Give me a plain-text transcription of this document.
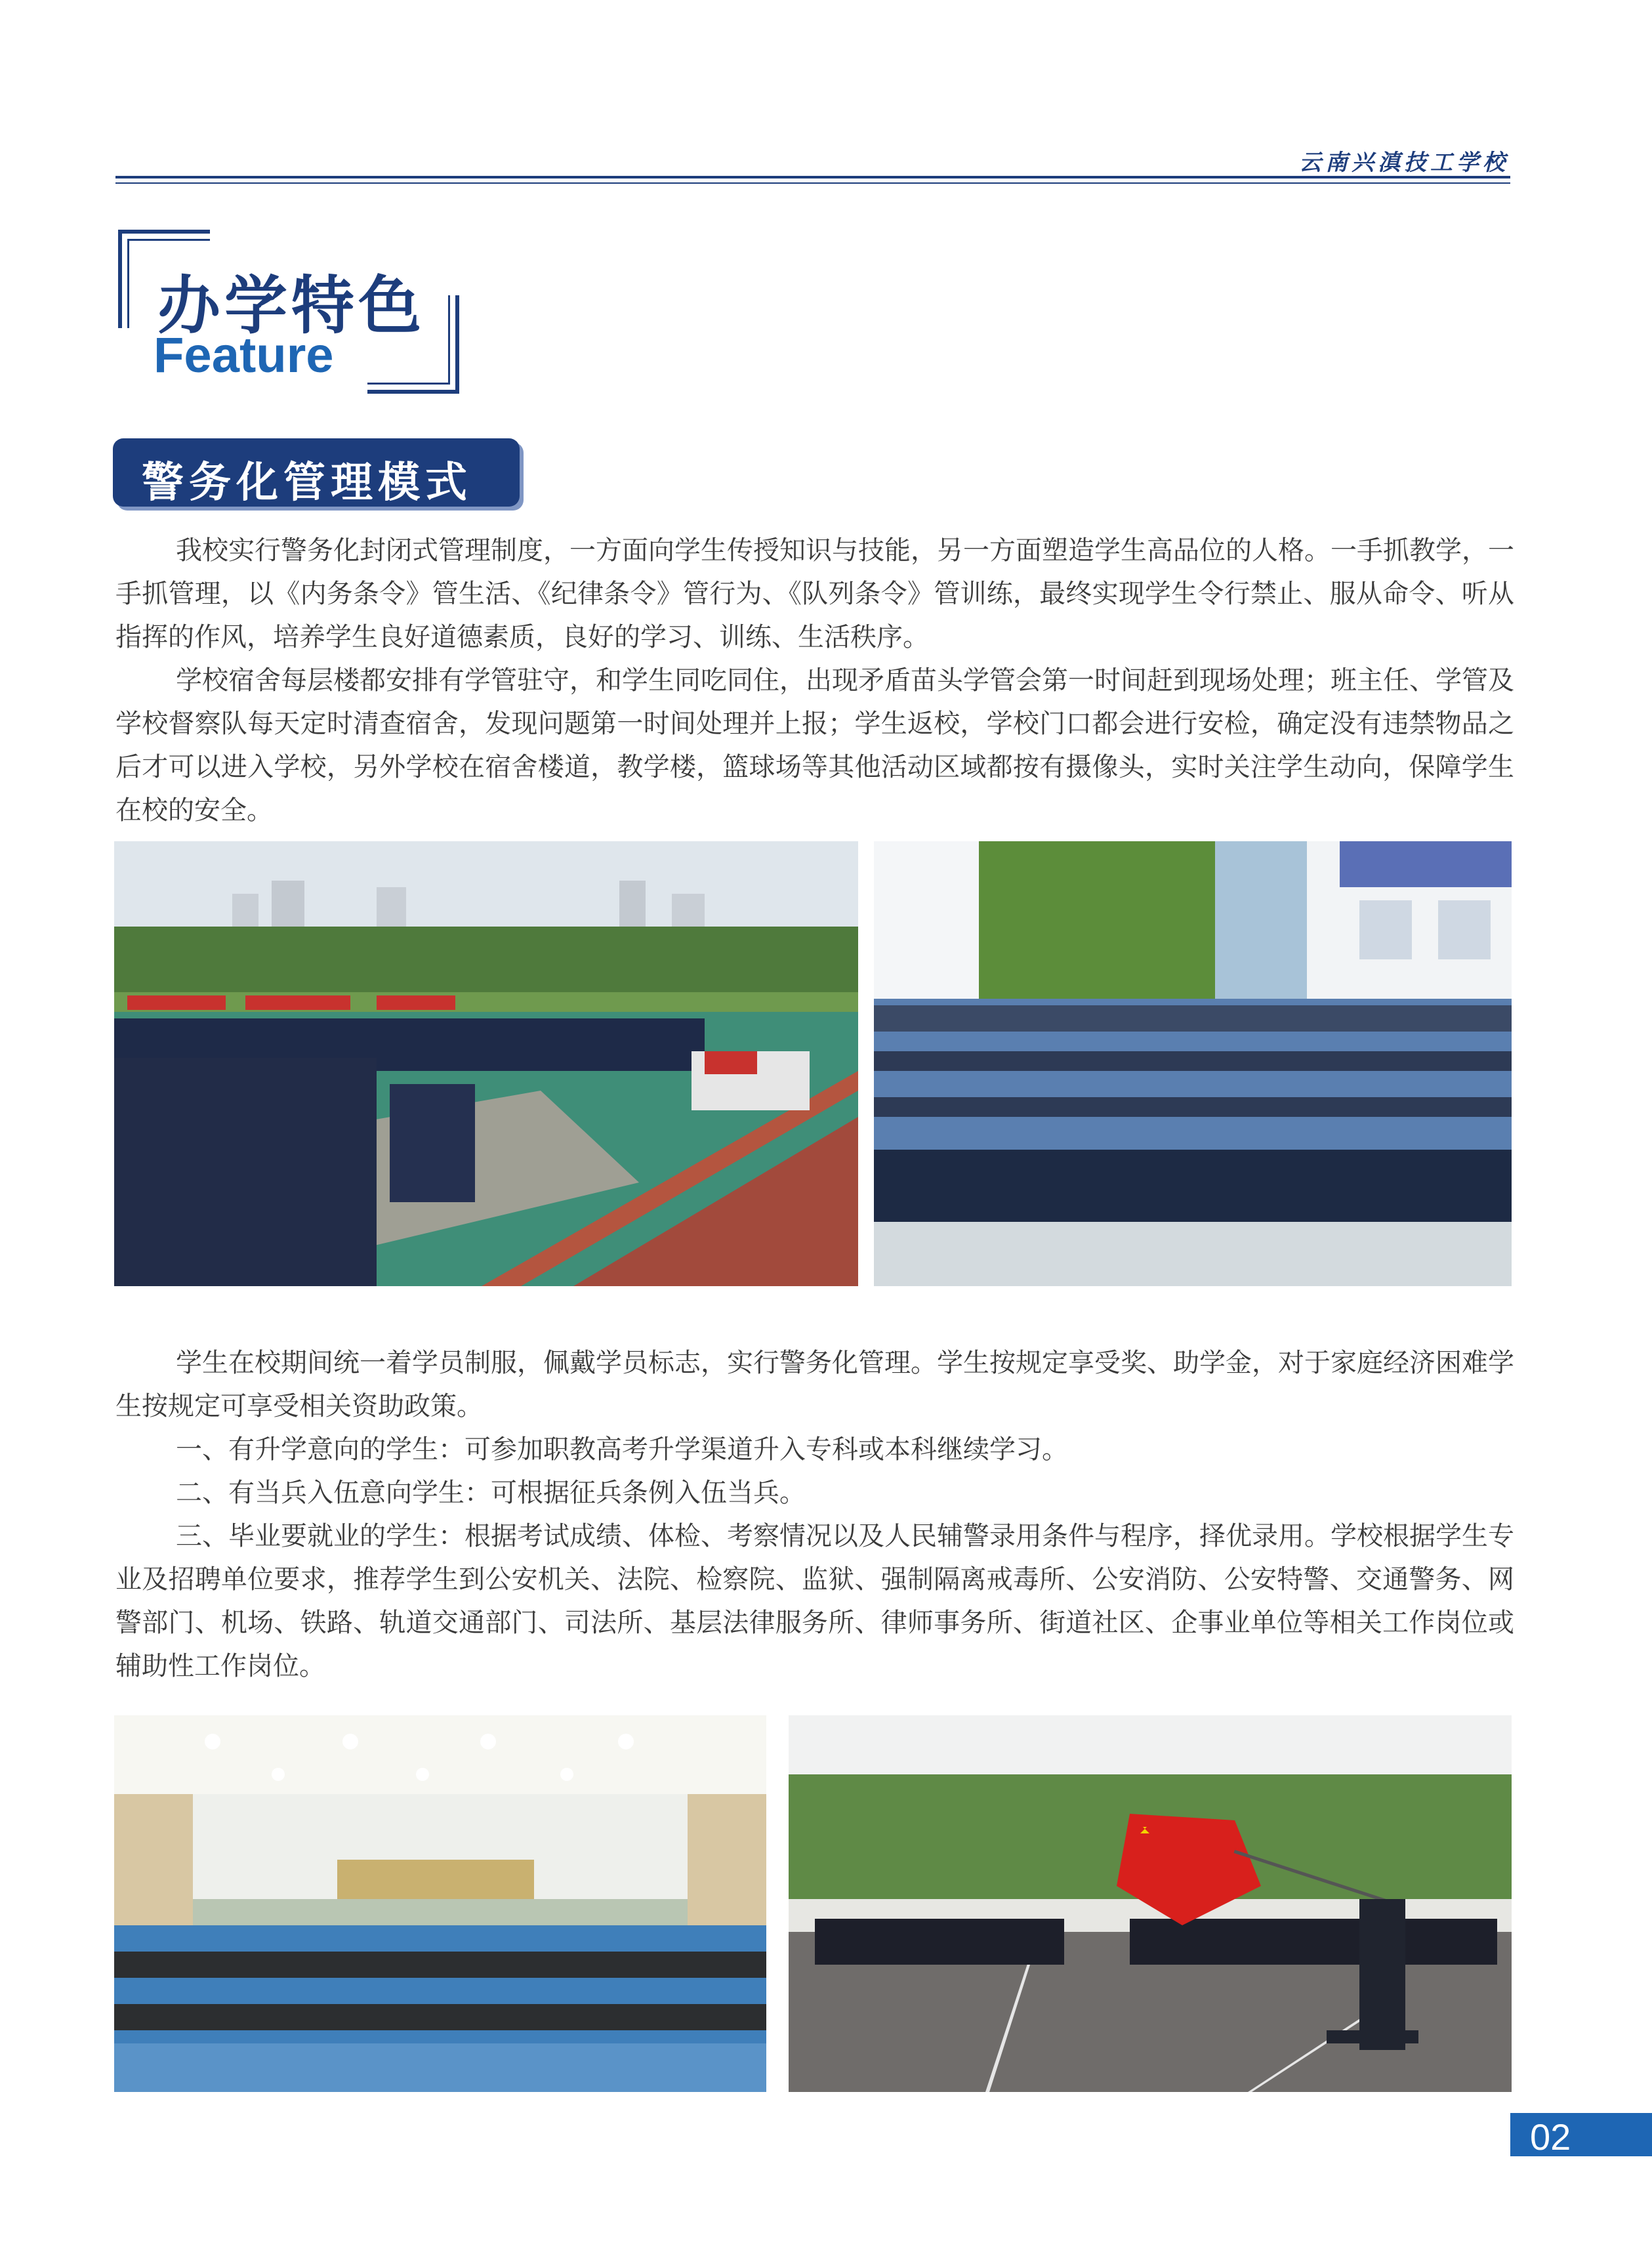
云南兴滇技工学校
办学特色
Feature
警务化管理模式

我校实行警务化封闭式管理制度，一方面向学生传授知识与技能，另一方面塑造学生高品位的人格。一手抓教学，一手抓管理，以《内务条令》管生活、《纪律条令》管行为、《队列条令》管训练，最终实现学生令行禁止、服从命令、听从指挥的作风，培养学生良好道德素质，良好的学习、训练、生活秩序。

学校宿舍每层楼都安排有学管驻守，和学生同吃同住，出现矛盾苗头学管会第一时间赶到现场处理；班主任、学管及学校督察队每天定时清查宿舍，发现问题第一时间处理并上报；学生返校，学校门口都会进行安检，确定没有违禁物品之后才可以进入学校，另外学校在宿舍楼道，教学楼，篮球场等其他活动区域都按有摄像头，实时关注学生动向，保障学生在校的安全。

学生在校期间统一着学员制服，佩戴学员标志，实行警务化管理。学生按规定享受奖、助学金，对于家庭经济困难学生按规定可享受相关资助政策。

一、有升学意向的学生：可参加职教高考升学渠道升入专科或本科继续学习。

二、有当兵入伍意向学生：可根据征兵条例入伍当兵。

三、毕业要就业的学生：根据考试成绩、体检、考察情况以及人民辅警录用条件与程序，择优录用。学校根据学生专业及招聘单位要求，推荐学生到公安机关、法院、检察院、监狱、强制隔离戒毒所、公安消防、公安特警、交通警务、网警部门、机场、铁路、轨道交通部门、司法所、基层法律服务所、律师事务所、街道社区、企事业单位等相关工作岗位或辅助性工作岗位。

02
